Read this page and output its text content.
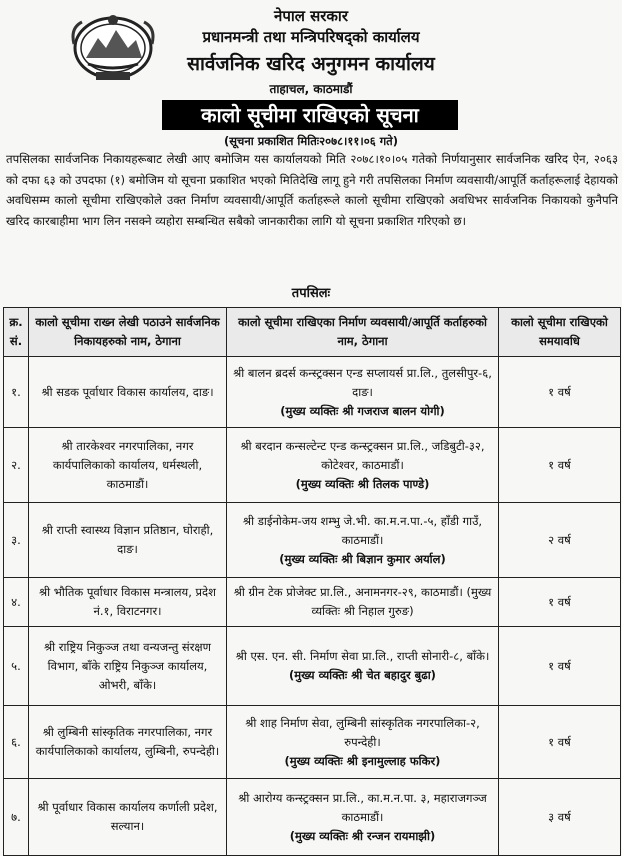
नेपाल सरकार
प्रधानमन्त्री तथा मन्त्रिपरिषद्को कार्यालय
सार्वजनिक खरिद अनुगमन कार्यालय
ताहाचल, काठमाडौं
कालो सूचीमा राखिएको सूचना
(सूचना प्रकाशित मितिः२०७८।११।०६ गते)
तपसिलका सार्वजनिक निकायहरूबाट लेखी आए बमोजिम यस कार्यालयको मिति २०७८।१०।०५ गतेको निर्णयानुसार सार्वजनिक खरिद ऐन, २०६३ को दफा ६३ को उपदफा (१) बमोजिम यो सूचना प्रकाशित भएको मितिदेखि लागू हुने गरी तपसिलका निर्माण व्यवसायी/आपूर्ति कर्ताहरूलाई देहायको अवधिसम्म कालो सूचीमा राखिएकोले उक्त निर्माण व्यवसायी/आपूर्ति कर्ताहरूले कालो सूचीमा राखिएको अवधिभर सार्वजनिक निकायको कुनैपनि खरिद कारबाहीमा भाग लिन नसक्ने व्यहोरा सम्बन्धित सबैको जानकारीका लागि यो सूचना प्रकाशित गरिएको छ।
तपसिलः
क्र. सं.	कालो सूचीमा राख्न लेखी पठाउने सार्वजनिक निकायहरुको नाम, ठेगाना	कालो सूचीमा राखिएका निर्माण व्यवसायी/आपूर्ति कर्ताहरुको नाम, ठेगाना	कालो सूचीमा राखिएको समयावधि
१.	श्री सडक पूर्वाधार विकास कार्यालय, दाङ।	श्री बालन ब्रदर्स कन्स्ट्रक्सन एन्ड सप्लायर्स प्रा.लि., तुलसीपुर-६, दाङ।
(मुख्य व्यक्तिः श्री गजराज बालन योगी)	१ वर्ष
२.	श्री तारकेश्वर नगरपालिका, नगर कार्यपालिकाको कार्यालय, धर्मस्थली, काठमाडौं।	श्री बरदान कन्सल्टेन्ट एन्ड कन्स्ट्रक्सन प्रा.लि., जडिबुटी-३२, कोटेश्वर, काठमाडौं।
(मुख्य व्यक्तिः श्री तिलक पाण्डे)	१ वर्ष
३.	श्री राप्ती स्वास्थ्य विज्ञान प्रतिष्ठान, घोराही, दाङ।	श्री डाईनोकेम-जय शम्भु जे.भी. का.म.न.पा.-५, हाँडी गाउँ, काठमाडौं।
(मुख्य व्यक्तिः श्री बिज्ञान कुमार अर्याल)	२ वर्ष
४.	श्री भौतिक पूर्वाधार विकास मन्त्रालय, प्रदेश नं.१, विराटनगर।	श्री ग्रीन टेक प्रोजेक्ट प्रा.लि., अनामनगर-२९, काठमाडौं। (मुख्य व्यक्तिः श्री निहाल गुरुङ)	१ वर्ष
५.	श्री राष्ट्रिय निकुञ्ज तथा वन्यजन्तु संरक्षण विभाग, बाँके राष्ट्रिय निकुञ्ज कार्यालय, ओभरी, बाँके।	श्री एस. एन. सी. निर्माण सेवा प्रा.लि., राप्ती सोनारी-८, बाँके।
(मुख्य व्यक्तिः श्री चेत बहादुर बुढा)	१ वर्ष
६.	श्री लुम्बिनी सांस्कृतिक नगरपालिका, नगर कार्यपालिकाको कार्यालय, लुम्बिनी, रुपन्देही।	श्री शाह निर्माण सेवा, लुम्बिनी सांस्कृतिक नगरपालिका-२, रुपन्देही।
(मुख्य व्यक्तिः श्री इनामुल्लाह फकिर)	१ वर्ष
७.	श्री पूर्वाधार विकास कार्यालय कर्णाली प्रदेश, सल्यान।	श्री आरोग्य कन्स्ट्रक्सन प्रा.लि., का.म.न.पा. ३, महाराजगञ्ज काठमाडौं।
(मुख्य व्यक्तिः श्री रन्जन रायमाझी)	३ वर्ष
